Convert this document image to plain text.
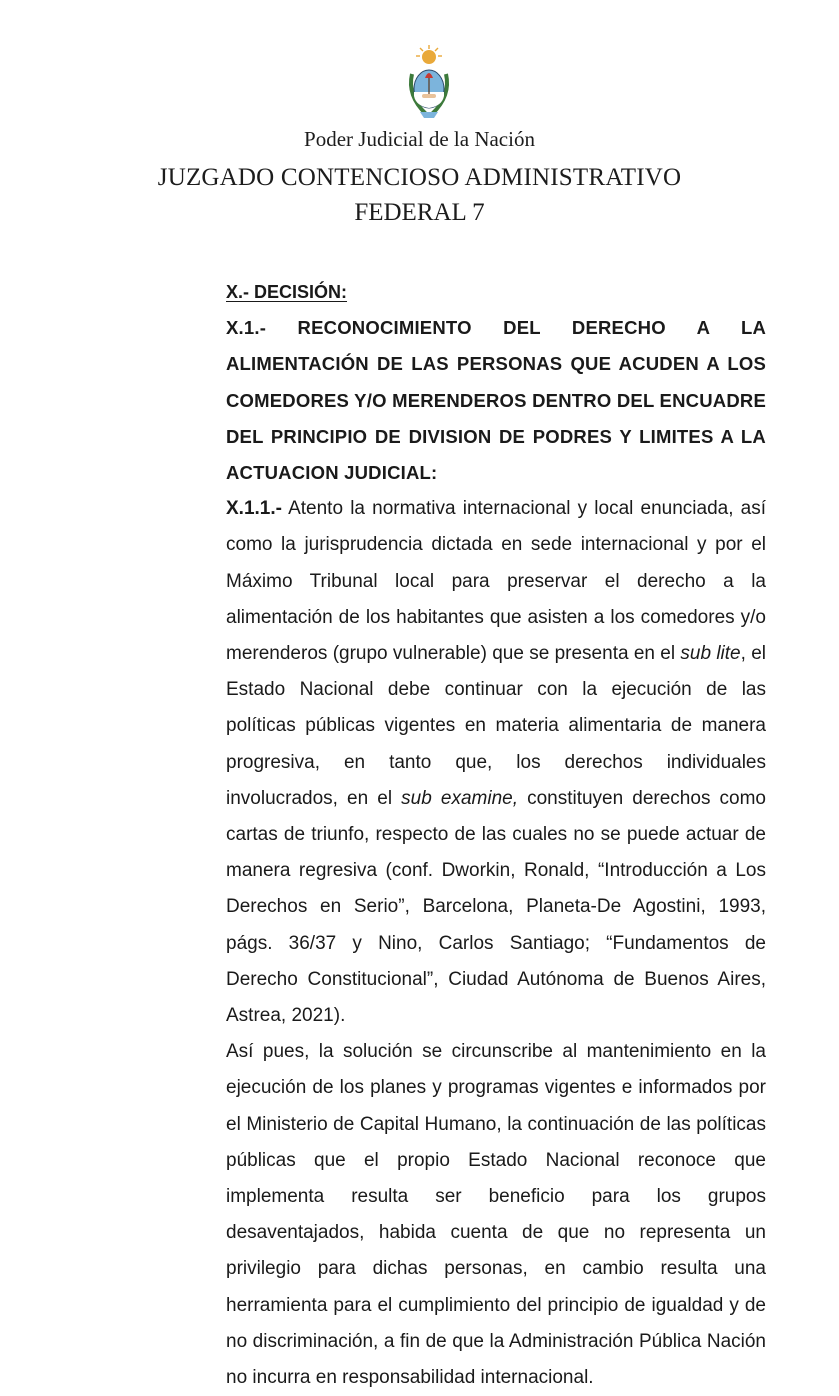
Poder Judicial de la Nación
JUZGADO CONTENCIOSO ADMINISTRATIVO
FEDERAL 7

X.- DECISIÓN:

X.1.- RECONOCIMIENTO DEL DERECHO A LA ALIMENTACIÓN DE LAS PERSONAS QUE ACUDEN A LOS COMEDORES Y/O MERENDEROS DENTRO DEL ENCUADRE DEL PRINCIPIO DE DIVISION DE PODRES Y LIMITES A LA ACTUACION JUDICIAL:

X.1.1.- Atento la normativa internacional y local enunciada, así como la jurisprudencia dictada en sede internacional y por el Máximo Tribunal local para preservar el derecho a la alimentación de los habitantes que asisten a los comedores y/o merenderos (grupo vulnerable) que se presenta en el sub lite, el Estado Nacional debe continuar con la ejecución de las políticas públicas vigentes en materia alimentaria de manera progresiva, en tanto que, los derechos individuales involucrados, en el sub examine, constituyen derechos como cartas de triunfo, respecto de las cuales no se puede actuar de manera regresiva (conf. Dworkin, Ronald, “Introducción a Los Derechos en Serio”, Barcelona, Planeta-De Agostini, 1993, págs. 36/37 y Nino, Carlos Santiago; “Fundamentos de Derecho Constitucional”, Ciudad Autónoma de Buenos Aires, Astrea, 2021).

Así pues, la solución se circunscribe al mantenimiento en la ejecución de los planes y programas vigentes e informados por el Ministerio de Capital Humano, la continuación de las políticas públicas que el propio Estado Nacional reconoce que implementa resulta ser beneficio para los grupos desaventajados, habida cuenta de que no representa un privilegio para dichas personas, en cambio resulta una herramienta para el cumplimiento del principio de igualdad y de no discriminación, a fin de que la Administración Pública Nación no incurra en responsabilidad internacional.
